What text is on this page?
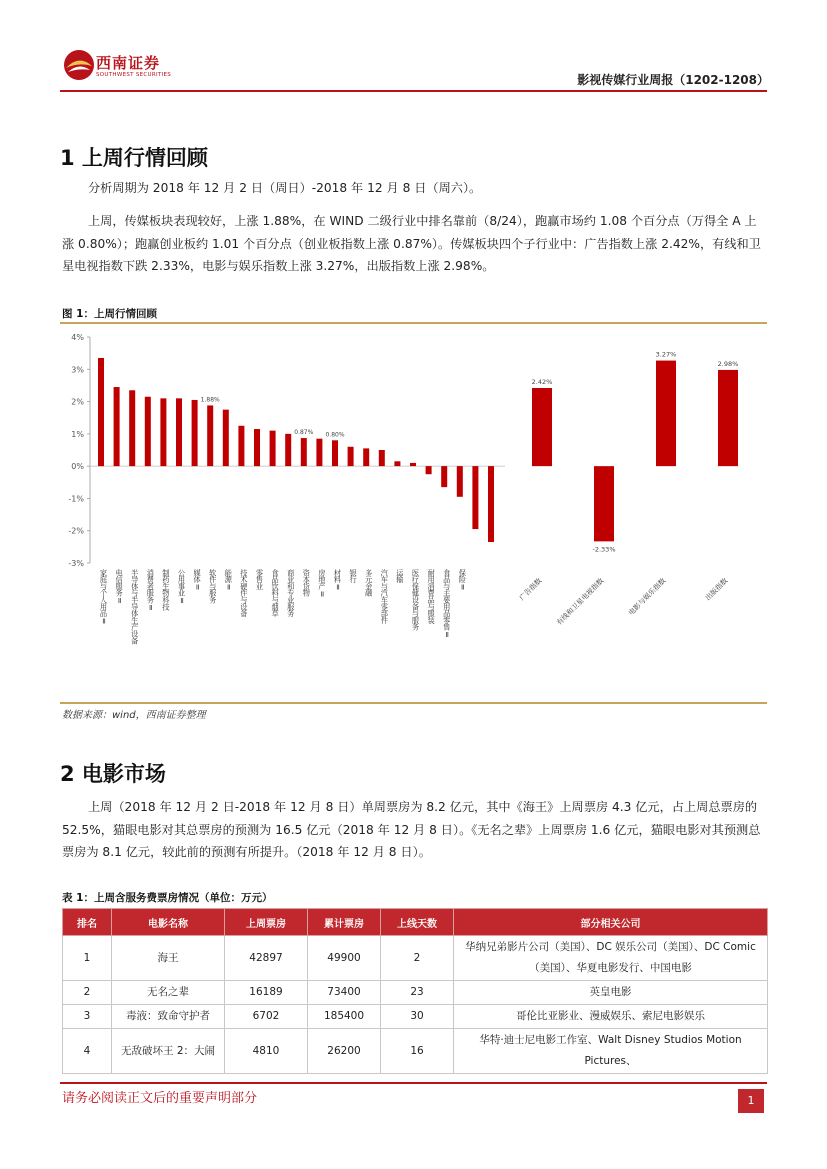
西南证券
SOUTHWEST SECURITIES	影视传媒行业周报（1202-1208）
1 上周行情回顾
分析周期为 2018 年 12 月 2 日（周日）-2018 年 12 月 8 日（周六）。
上周，传媒板块表现较好，上涨 1.88%，在 WIND 二级行业中排名靠前（8/24），跑赢市场约 1.08 个百分点（万得全 A 上涨 0.80%）；跑赢创业板约 1.01 个百分点（创业板指数上涨 0.87%）。传媒板块四个子行业中：广告指数上涨 2.42%，有线和卫星电视指数下跌 2.33%，电影与娱乐指数上涨 3.27%，出版指数上涨 2.98%。
图 1：上周行情回顾
4%
3%
2%
1%
0%
-1%
-2%
-3%
1.88%
0.87% 0.80%
家庭与个人用品Ⅱ 电信服务Ⅱ 半导体与半导体生产设备 消费者服务Ⅱ 制药生物科技 公用事业Ⅱ 媒体Ⅱ 软件与服务 能源Ⅱ 技术硬件与设备 零售业 食品饮料与烟草 商业和专业服务 资本货物 房地产Ⅱ 材料Ⅱ 银行 多元金融 汽车与汽车零部件 运输 医疗保健设备与服务 耐用消费品与服装 食品与主要用品零售Ⅱ 保险Ⅱ
2.42%
-2.33%
3.27%
2.98%
广告指数 有线和卫星电视指数	电影与娱乐指数	出版指数
数据来源：wind，西南证券整理
2 电影市场
上周（2018 年 12 月 2 日-2018 年 12 月 8 日）单周票房为 8.2 亿元，其中《海王》上周票房 4.3 亿元，占上周总票房的 52.5%，猫眼电影对其总票房的预测为 16.5 亿元（2018 年 12 月 8 日）。《无名之辈》上周票房 1.6 亿元，猫眼电影对其预测总票房为 8.1 亿元，较此前的预测有所提升。（2018 年 12 月 8 日）。
表 1：上周含服务费票房情况（单位：万元）
排名	电影名称	上周票房	累计票房	上线天数	部分相关公司
1	海王	42897	49900	2	华纳兄弟影片公司（美国）、DC 娱乐公司（美国）、DC Comic（美国）、华夏电影发行、中国电影
2	无名之辈	16189	73400	23	英皇电影
3	毒液：致命守护者	6702	185400	30	哥伦比亚影业、漫威娱乐、索尼电影娱乐
4	无敌破坏王 2：大闹	4810	26200	16	华特·迪士尼电影工作室、Walt Disney Studios Motion Pictures、
请务必阅读正文后的重要声明部分	1
